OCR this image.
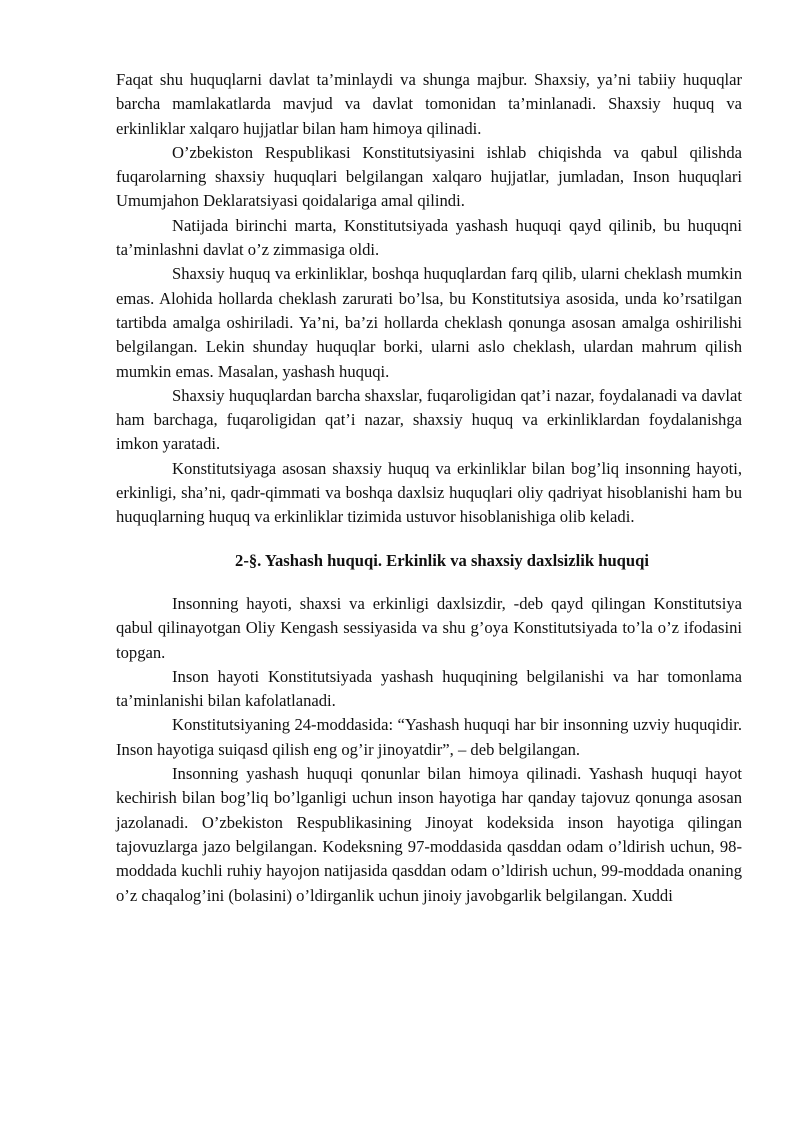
Faqat shu huquqlarni davlat ta’minlaydi va shunga majbur. Shaxsiy, ya’ni tabiiy huquqlar barcha mamlakatlarda mavjud va davlat tomonidan ta’minlanadi. Shaxsiy huquq va erkinliklar xalqaro hujjatlar bilan ham himoya qilinadi.

O’zbekiston Respublikasi Konstitutsiyasini ishlab chiqishda va qabul qilishda fuqarolarning shaxsiy huquqlari belgilangan xalqaro hujjatlar, jumladan, Inson huquqlari Umumjahon Deklaratsiyasi qoidalariga amal qilindi.

Natijada birinchi marta, Konstitutsiyada yashash huquqi qayd qilinib, bu huquqni ta’minlashni davlat o’z zimmasiga oldi.

Shaxsiy huquq va erkinliklar, boshqa huquqlardan farq qilib, ularni cheklash mumkin emas. Alohida hollarda cheklash zarurati bo’lsa, bu Konstitutsiya asosida, unda ko’rsatilgan tartibda amalga oshiriladi. Ya’ni, ba’zi hollarda cheklash qonunga asosan amalga oshirilishi belgilangan. Lekin shunday huquqlar borki, ularni aslo cheklash, ulardan mahrum qilish mumkin emas. Masalan, yashash huquqi.

Shaxsiy huquqlardan barcha shaxslar, fuqaroligidan qat’i nazar, foydalanadi va davlat ham barchaga, fuqaroligidan qat’i nazar, shaxsiy huquq va erkinliklardan foydalanishga imkon yaratadi.

Konstitutsiyaga asosan shaxsiy huquq va erkinliklar bilan bog’liq insonning hayoti, erkinligi, sha’ni, qadr-qimmati va boshqa daxlsiz huquqlari oliy qadriyat hisoblanishi ham bu huquqlarning huquq va erkinliklar tizimida ustuvor hisoblanishiga olib keladi.

2-§. Yashash huquqi. Erkinlik va shaxsiy daxlsizlik huquqi

Insonning hayoti, shaxsi va erkinligi daxlsizdir, -deb qayd qilingan Konstitutsiya qabul qilinayotgan Oliy Kengash sessiyasida va shu g’oya Konstitutsiyada to’la o’z ifodasini topgan.

Inson hayoti Konstitutsiyada yashash huquqining belgilanishi va har tomonlama ta’minlanishi bilan kafolatlanadi.

Konstitutsiyaning 24-moddasida: “Yashash huquqi har bir insonning uzviy huquqidir. Inson hayotiga suiqasd qilish eng og’ir jinoyatdir”, – deb belgilangan.

Insonning yashash huquqi qonunlar bilan himoya qilinadi. Yashash huquqi hayot kechirish bilan bog’liq bo’lganligi uchun inson hayotiga har qanday tajovuz qonunga asosan jazolanadi. O’zbekiston Respublikasining Jinoyat kodeksida inson hayotiga qilingan tajovuzlarga jazo belgilangan. Kodeksning 97-moddasida qasddan odam o’ldirish uchun, 98-moddada kuchli ruhiy hayojon natijasida qasddan odam o’ldirish uchun, 99-moddada onaning o’z chaqalog’ini (bolasini) o’ldirganlik uchun jinoiy javobgarlik belgilangan. Xuddi
